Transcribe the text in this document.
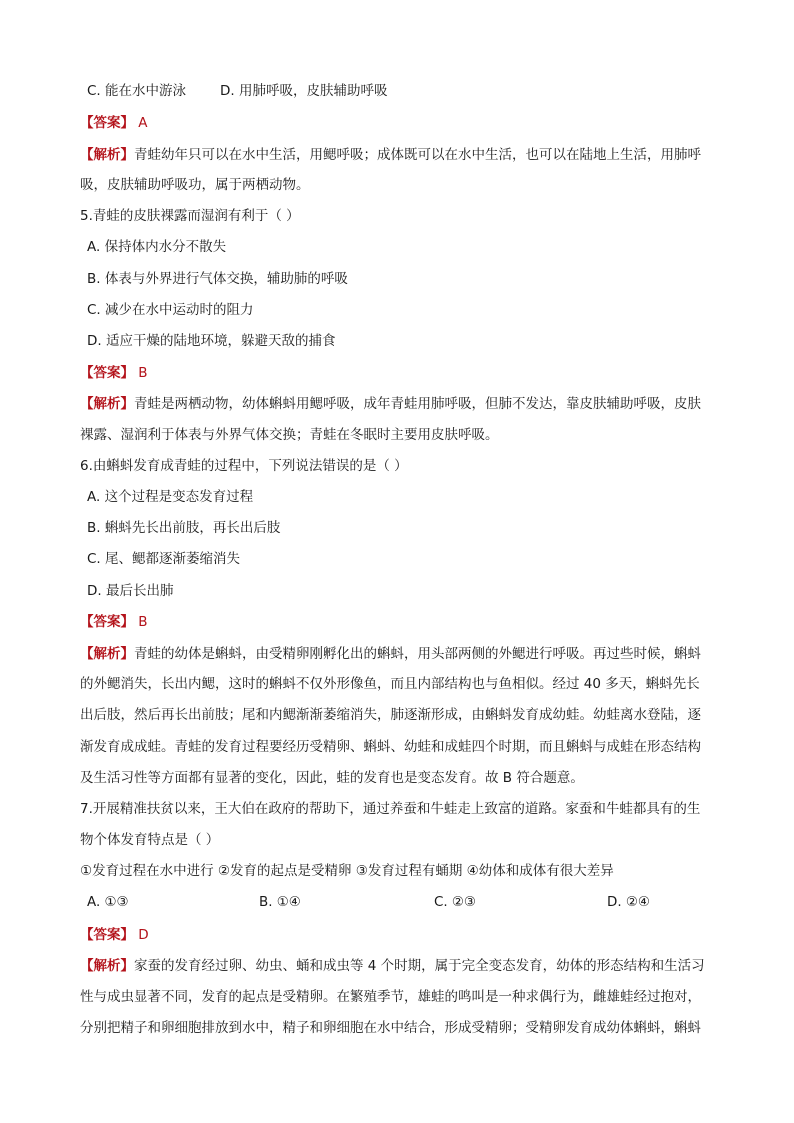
C. 能在水中游泳	D. 用肺呼吸，皮肤辅助呼吸
【答案】 A
【解析】青蛙幼年只可以在水中生活，用鳃呼吸；成体既可以在水中生活，也可以在陆地上生活，用肺呼
吸，皮肤辅助呼吸功，属于两栖动物。
5.青蛙的皮肤裸露而湿润有利于（ ）
A. 保持体内水分不散失
B. 体表与外界进行气体交换，辅助肺的呼吸
C. 减少在水中运动时的阻力
D. 适应干燥的陆地环境，躲避天敌的捕食
【答案】 B
【解析】青蛙是两栖动物，幼体蝌蚪用鳃呼吸，成年青蛙用肺呼吸，但肺不发达，靠皮肤辅助呼吸，皮肤
裸露、湿润利于体表与外界气体交换；青蛙在冬眠时主要用皮肤呼吸。
6.由蝌蚪发育成青蛙的过程中，下列说法错误的是（ ）
A. 这个过程是变态发育过程
B. 蝌蚪先长出前肢，再长出后肢
C. 尾、鳃都逐渐萎缩消失
D. 最后长出肺
【答案】 B
【解析】青蛙的幼体是蝌蚪，由受精卵刚孵化出的蝌蚪，用头部两侧的外鳃进行呼吸。再过些时候，蝌蚪
的外鳃消失，长出内鳃，这时的蝌蚪不仅外形像鱼，而且内部结构也与鱼相似。经过 40 多天，蝌蚪先长
出后肢，然后再长出前肢；尾和内鳃渐渐萎缩消失，肺逐渐形成，由蝌蚪发育成幼蛙。幼蛙离水登陆，逐
渐发育成成蛙。青蛙的发育过程要经历受精卵、蝌蚪、幼蛙和成蛙四个时期，而且蝌蚪与成蛙在形态结构
及生活习性等方面都有显著的变化，因此，蛙的发育也是变态发育。故 B 符合题意。
7.开展精准扶贫以来，王大伯在政府的帮助下，通过养蚕和牛蛙走上致富的道路。家蚕和牛蛙都具有的生
物个体发育特点是（ ）
①发育过程在水中进行 ②发育的起点是受精卵 ③发育过程有蛹期 ④幼体和成体有很大差异
A. ①③	B. ①④	C. ②③	D. ②④
【答案】 D
【解析】家蚕的发育经过卵、幼虫、蛹和成虫等 4 个时期，属于完全变态发育，幼体的形态结构和生活习
性与成虫显著不同，发育的起点是受精卵。在繁殖季节，雄蛙的鸣叫是一种求偶行为，雌雄蛙经过抱对，
分别把精子和卵细胞排放到水中，精子和卵细胞在水中结合，形成受精卵；受精卵发育成幼体蝌蚪，蝌蚪
